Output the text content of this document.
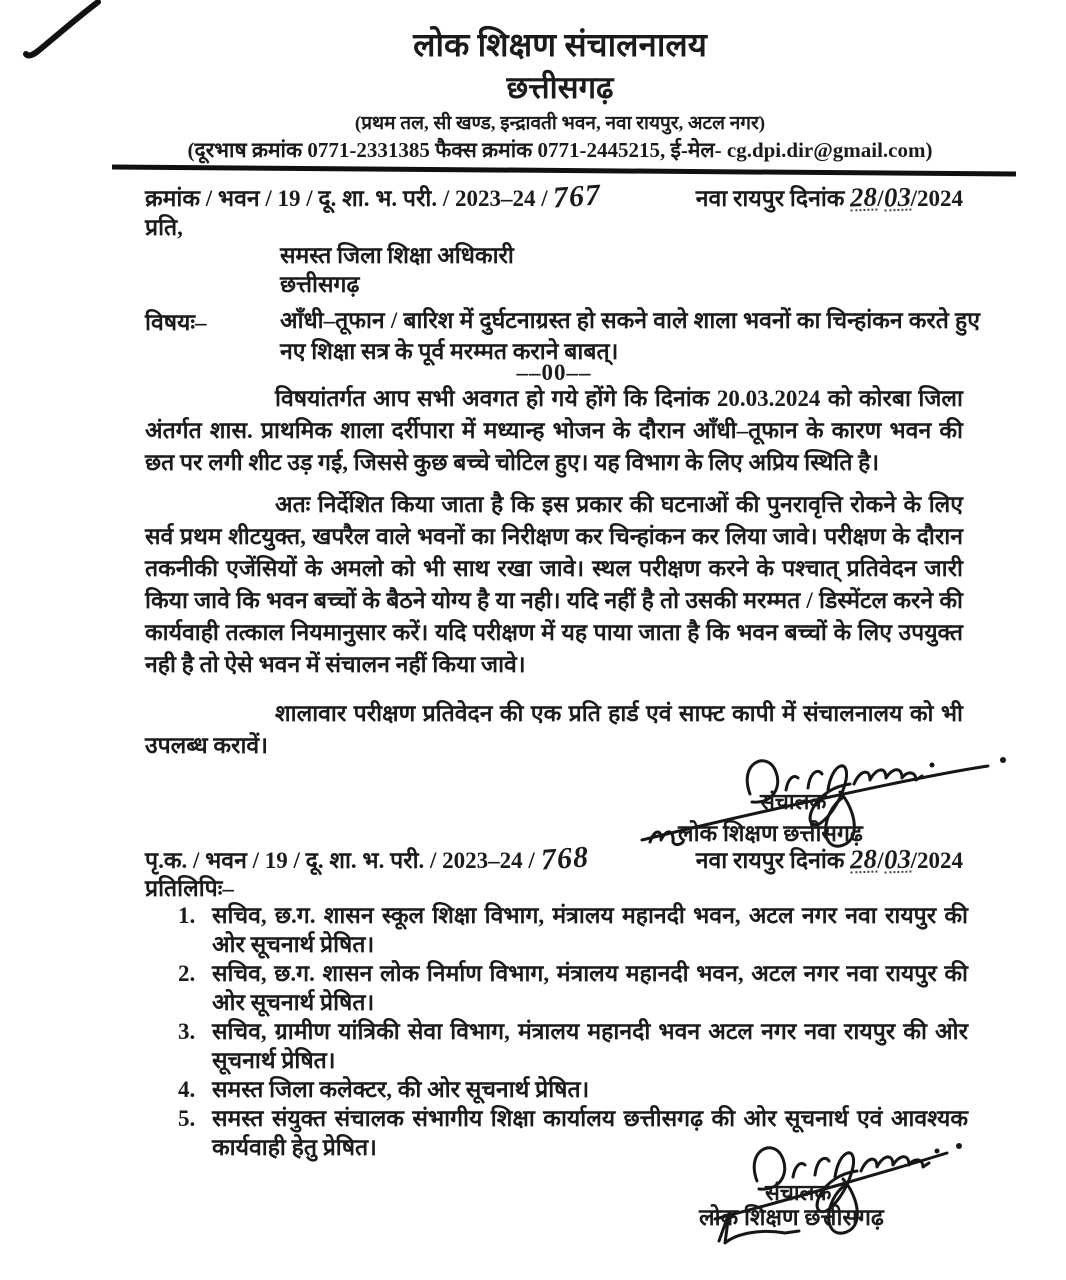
लोक शिक्षण संचालनालय
छत्तीसगढ़
(प्रथम तल, सी खण्ड, इन्द्रावती भवन, नवा रायपुर, अटल नगर)
(दूरभाष क्रमांक 0771-2331385 फैक्स क्रमांक 0771-2445215, ई-मेल- cg.dpi.dir@gmail.com)
क्रमांक / भवन / 19 / दू. शा. भ. परी. / 2023–24 / 767	नवा रायपुर दिनांक 28/03/2024
प्रति,
समस्त जिला शिक्षा अधिकारी
छत्तीसगढ़
विषयः–	आँधी–तूफान / बारिश में दुर्घटनाग्रस्त हो सकने वाले शाला भवनों का चिन्हांकन करते हुए नए शिक्षा सत्र के पूर्व मरम्मत कराने बाबत्।
––00––
विषयांतर्गत आप सभी अवगत हो गये होंगे कि दिनांक 20.03.2024 को कोरबा जिला अंतर्गत शास. प्राथमिक शाला दर्रीपारा में मध्यान्ह भोजन के दौरान आँधी–तूफान के कारण भवन की छत पर लगी शीट उड़ गई, जिससे कुछ बच्चे चोटिल हुए। यह विभाग के लिए अप्रिय स्थिति है।
अतः निर्देशित किया जाता है कि इस प्रकार की घटनाओं की पुनरावृत्ति रोकने के लिए सर्व प्रथम शीटयुक्त, खपरैल वाले भवनों का निरीक्षण कर चिन्हांकन कर लिया जावे। परीक्षण के दौरान तकनीकी एजेंसियों के अमलो को भी साथ रखा जावे। स्थल परीक्षण करने के पश्चात् प्रतिवेदन जारी किया जावे कि भवन बच्चों के बैठने योग्य है या नही। यदि नहीं है तो उसकी मरम्मत / डिस्मेंटल करने की कार्यवाही तत्काल नियमानुसार करें। यदि परीक्षण में यह पाया जाता है कि भवन बच्चों के लिए उपयुक्त नही है तो ऐसे भवन में संचालन नहीं किया जावे।
शालावार परीक्षण प्रतिवेदन की एक प्रति हार्ड एवं साफ्ट कापी में संचालनालय को भी उपलब्ध करावें।
संचालक
लोक शिक्षण छत्तीसगढ़
पृ.क. / भवन / 19 / दू. शा. भ. परी. / 2023–24 / 768	नवा रायपुर दिनांक 28/03/2024
प्रतिलिपिः–
1. सचिव, छ.ग. शासन स्कूल शिक्षा विभाग, मंत्रालय महानदी भवन, अटल नगर नवा रायपुर की ओर सूचनार्थ प्रेषित।
2. सचिव, छ.ग. शासन लोक निर्माण विभाग, मंत्रालय महानदी भवन, अटल नगर नवा रायपुर की ओर सूचनार्थ प्रेषित।
3. सचिव, ग्रामीण यांत्रिकी सेवा विभाग, मंत्रालय महानदी भवन अटल नगर नवा रायपुर की ओर सूचनार्थ प्रेषित।
4. समस्त जिला कलेक्टर, की ओर सूचनार्थ प्रेषित।
5. समस्त संयुक्त संचालक संभागीय शिक्षा कार्यालय छत्तीसगढ़ की ओर सूचनार्थ एवं आवश्यक कार्यवाही हेतु प्रेषित।
संचालक
लोक शिक्षण छत्तीसगढ़
